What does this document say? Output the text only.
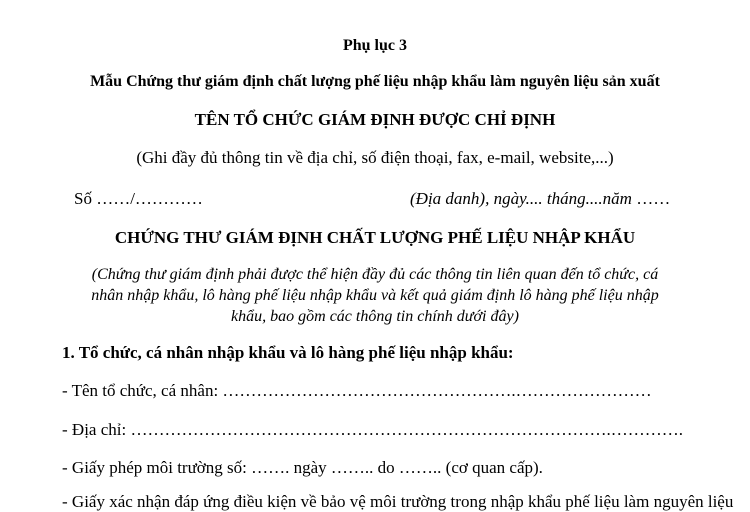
Phụ lục 3
Mẫu Chứng thư giám định chất lượng phế liệu nhập khẩu làm nguyên liệu sản xuất
TÊN TỔ CHỨC GIÁM ĐỊNH ĐƯỢC CHỈ ĐỊNH
(Ghi đầy đủ thông tin về địa chỉ, số điện thoại, fax, e-mail, website,...)
Số ……/…………	(Địa danh), ngày.... tháng....năm ……
CHỨNG THƯ GIÁM ĐỊNH CHẤT LƯỢNG PHẾ LIỆU NHẬP KHẨU
(Chứng thư giám định phải được thể hiện đầy đủ các thông tin liên quan đến tổ chức, cá
nhân nhập khẩu, lô hàng phế liệu nhập khẩu và kết quả giám định lô hàng phế liệu nhập
khẩu, bao gồm các thông tin chính dưới đây)
1. Tổ chức, cá nhân nhập khẩu và lô hàng phế liệu nhập khẩu:
- Tên tổ chức, cá nhân: …………………………………………….……………………
- Địa chỉ: ………………………………………………………………………….………….
- Giấy phép môi trường số: ……. ngày …….. do …….. (cơ quan cấp).
- Giấy xác nhận đáp ứng điều kiện về bảo vệ môi trường trong nhập khẩu phế liệu làm nguyên liệu
